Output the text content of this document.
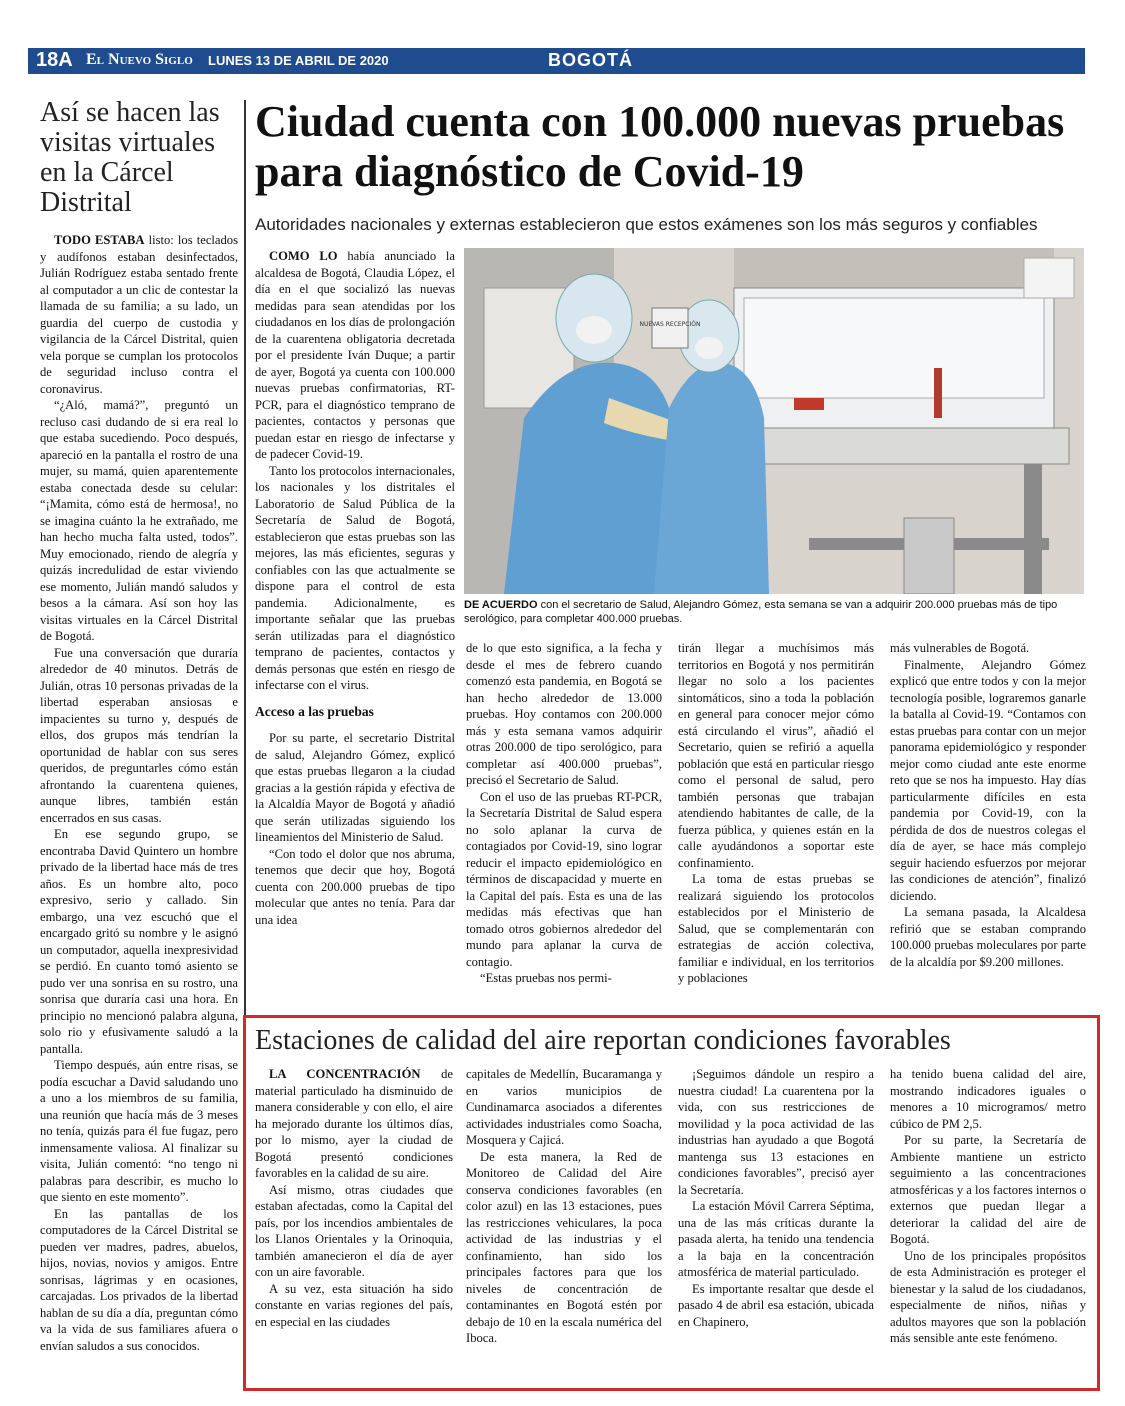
18A El Nuevo Siglo LUNES 13 DE ABRIL DE 2020	BOGOTÁ
Así se hacen las visitas virtuales en la Cárcel Distrital

TODO ESTABA listo: los teclados y audífonos estaban desinfectados, Julián Rodríguez estaba sentado frente al computador a un clic de contestar la llamada de su familia; a su lado, un guardia del cuerpo de custodia y vigilancia de la Cárcel Distrital, quien vela porque se cumplan los protocolos de seguridad incluso contra el coronavirus.

“¿Aló, mamá?”, preguntó un recluso casi dudando de si era real lo que estaba sucediendo. Poco después, apareció en la pantalla el rostro de una mujer, su mamá, quien aparentemente estaba conectada desde su celular: “¡Mamita, cómo está de hermosa!, no se imagina cuánto la he extrañado, me han hecho mucha falta usted, todos”. Muy emocionado, riendo de alegría y quizás incredulidad de estar viviendo ese momento, Julián mandó saludos y besos a la cámara. Así son hoy las visitas virtuales en la Cárcel Distrital de Bogotá.

Fue una conversación que duraría alrededor de 40 minutos. Detrás de Julián, otras 10 personas privadas de la libertad esperaban ansiosas e impacientes su turno y, después de ellos, dos grupos más tendrían la oportunidad de hablar con sus seres queridos, de preguntarles cómo están afrontando la cuarentena quienes, aunque libres, también están encerrados en sus casas.

En ese segundo grupo, se encontraba David Quintero un hombre privado de la libertad hace más de tres años. Es un hombre alto, poco expresivo, serio y callado. Sin embargo, una vez escuchó que el encargado gritó su nombre y le asignó un computador, aquella inexpresividad se perdió. En cuanto tomó asiento se pudo ver una sonrisa en su rostro, una sonrisa que duraría casi una hora. En principio no mencionó palabra alguna, solo rio y efusivamente saludó a la pantalla.

Tiempo después, aún entre risas, se podía escuchar a David saludando uno a uno a los miembros de su familia, una reunión que hacía más de 3 meses no tenía, quizás para él fue fugaz, pero inmensamente valiosa. Al finalizar su visita, Julián comentó: “no tengo ni palabras para describir, es mucho lo que siento en este momento”.

En las pantallas de los computadores de la Cárcel Distrital se pueden ver madres, padres, abuelos, hijos, novias, novios y amigos. Entre sonrisas, lágrimas y en ocasiones, carcajadas. Los privados de la libertad hablan de su día a día, preguntan cómo va la vida de sus familiares afuera o envían saludos a sus conocidos.

Ciudad cuenta con 100.000 nuevas pruebas para diagnóstico de Covid-19
Autoridades nacionales y externas establecieron que estos exámenes son los más seguros y confiables

COMO LO había anunciado la alcaldesa de Bogotá, Claudia López, el día en el que socializó las nuevas medidas para sean atendidas por los ciudadanos en los días de prolongación de la cuarentena obligatoria decretada por el presidente Iván Duque; a partir de ayer, Bogotá ya cuenta con 100.000 nuevas pruebas confirmatorias, RT- PCR, para el diagnóstico temprano de pacientes, contactos y personas que puedan estar en riesgo de infectarse y de padecer Covid-19.

Tanto los protocolos internacionales, los nacionales y los distritales el Laboratorio de Salud Pública de la Secretaría de Salud de Bogotá, establecieron que estas pruebas son las mejores, las más eficientes, seguras y confiables con las que actualmente se dispone para el control de esta pandemia. Adicionalmente, es importante señalar que las pruebas serán utilizadas para el diagnóstico temprano de pacientes, contactos y demás personas que estén en riesgo de infectarse con el virus.

Acceso a las pruebas

Por su parte, el secretario Distrital de salud, Alejandro Gómez, explicó que estas pruebas llegaron a la ciudad gracias a la gestión rápida y efectiva de la Alcaldía Mayor de Bogotá y añadió que serán utilizadas siguiendo los lineamientos del Ministerio de Salud.

“Con todo el dolor que nos abruma, tenemos que decir que hoy, Bogotá cuenta con 200.000 pruebas de tipo molecular que antes no tenía. Para dar una idea

NUEVAS RECEPCIÓN
DE ACUERDO con el secretario de Salud, Alejandro Gómez, esta semana se van a adquirir 200.000 pruebas más de tipo serológico, para completar 400.000 pruebas.

de lo que esto significa, a la fecha y desde el mes de febrero cuando comenzó esta pandemia, en Bogotá se han hecho alrededor de 13.000 pruebas. Hoy contamos con 200.000 más y esta semana vamos adquirir otras 200.000 de tipo serológico, para completar así 400.000 pruebas”, precisó el Secretario de Salud.

Con el uso de las pruebas RT-PCR, la Secretaría Distrital de Salud espera no solo aplanar la curva de contagiados por Covid-19, sino lograr reducir el impacto epidemiológico en términos de discapacidad y muerte en la Capital del país. Esta es una de las medidas más efectivas que han tomado otros gobiernos alrededor del mundo para aplanar la curva de contagio.

“Estas pruebas nos permi-

tirán llegar a muchísimos más territorios en Bogotá y nos permitirán llegar no solo a los pacientes sintomáticos, sino a toda la población en general para conocer mejor cómo está circulando el virus”, añadió el Secretario, quien se refirió a aquella población que está en particular riesgo como el personal de salud, pero también personas que trabajan atendiendo habitantes de calle, de la fuerza pública, y quienes están en la calle ayudándonos a soportar este confinamiento.

La toma de estas pruebas se realizará siguiendo los protocolos establecidos por el Ministerio de Salud, que se complementarán con estrategias de acción colectiva, familiar e individual, en los territorios y poblaciones

más vulnerables de Bogotá.

Finalmente, Alejandro Gómez explicó que entre todos y con la mejor tecnología posible, lograremos ganarle la batalla al Covid-19. “Contamos con estas pruebas para contar con un mejor panorama epidemiológico y responder mejor como ciudad ante este enorme reto que se nos ha impuesto. Hay días particularmente difíciles en esta pandemia por Covid-19, con la pérdida de dos de nuestros colegas el día de ayer, se hace más complejo seguir haciendo esfuerzos por mejorar las condiciones de atención”, finalizó diciendo.

La semana pasada, la Alcaldesa refirió que se estaban comprando 100.000 pruebas moleculares por parte de la alcaldía por $9.200 millones.

Estaciones de calidad del aire reportan condiciones favorables

LA CONCENTRACIÓN de material particulado ha disminuido de manera considerable y con ello, el aire ha mejorado durante los últimos días, por lo mismo, ayer la ciudad de Bogotá presentó condiciones favorables en la calidad de su aire.

Así mismo, otras ciudades que estaban afectadas, como la Capital del país, por los incendios ambientales de los Llanos Orientales y la Orinoquia, también amanecieron el día de ayer con un aire favorable.

A su vez, esta situación ha sido constante en varias regiones del país, en especial en las ciudades

capitales de Medellín, Bucaramanga y en varios municipios de Cundinamarca asociados a diferentes actividades industriales como Soacha, Mosquera y Cajicá.

De esta manera, la Red de Monitoreo de Calidad del Aire conserva condiciones favorables (en color azul) en las 13 estaciones, pues las restricciones vehiculares, la poca actividad de las industrias y el confinamiento, han sido los principales factores para que los niveles de concentración de contaminantes en Bogotá estén por debajo de 10 en la escala numérica del Iboca.

¡Seguimos dándole un respiro a nuestra ciudad! La cuarentena por la vida, con sus restricciones de movilidad y la poca actividad de las industrias han ayudado a que Bogotá mantenga sus 13 estaciones en condiciones favorables”, precisó ayer la Secretaría.

La estación Móvil Carrera Séptima, una de las más críticas durante la pasada alerta, ha tenido una tendencia a la baja en la concentración atmosférica de material particulado.

Es importante resaltar que desde el pasado 4 de abril esa estación, ubicada en Chapinero,

ha tenido buena calidad del aire, mostrando indicadores iguales o menores a 10 microgramos/ metro cúbico de PM 2,5.

Por su parte, la Secretaría de Ambiente mantiene un estricto seguimiento a las concentraciones atmosféricas y a los factores internos o externos que puedan llegar a deteriorar la calidad del aire de Bogotá.

Uno de los principales propósitos de esta Administración es proteger el bienestar y la salud de los ciudadanos, especialmente de niños, niñas y adultos mayores que son la población más sensible ante este fenómeno.
